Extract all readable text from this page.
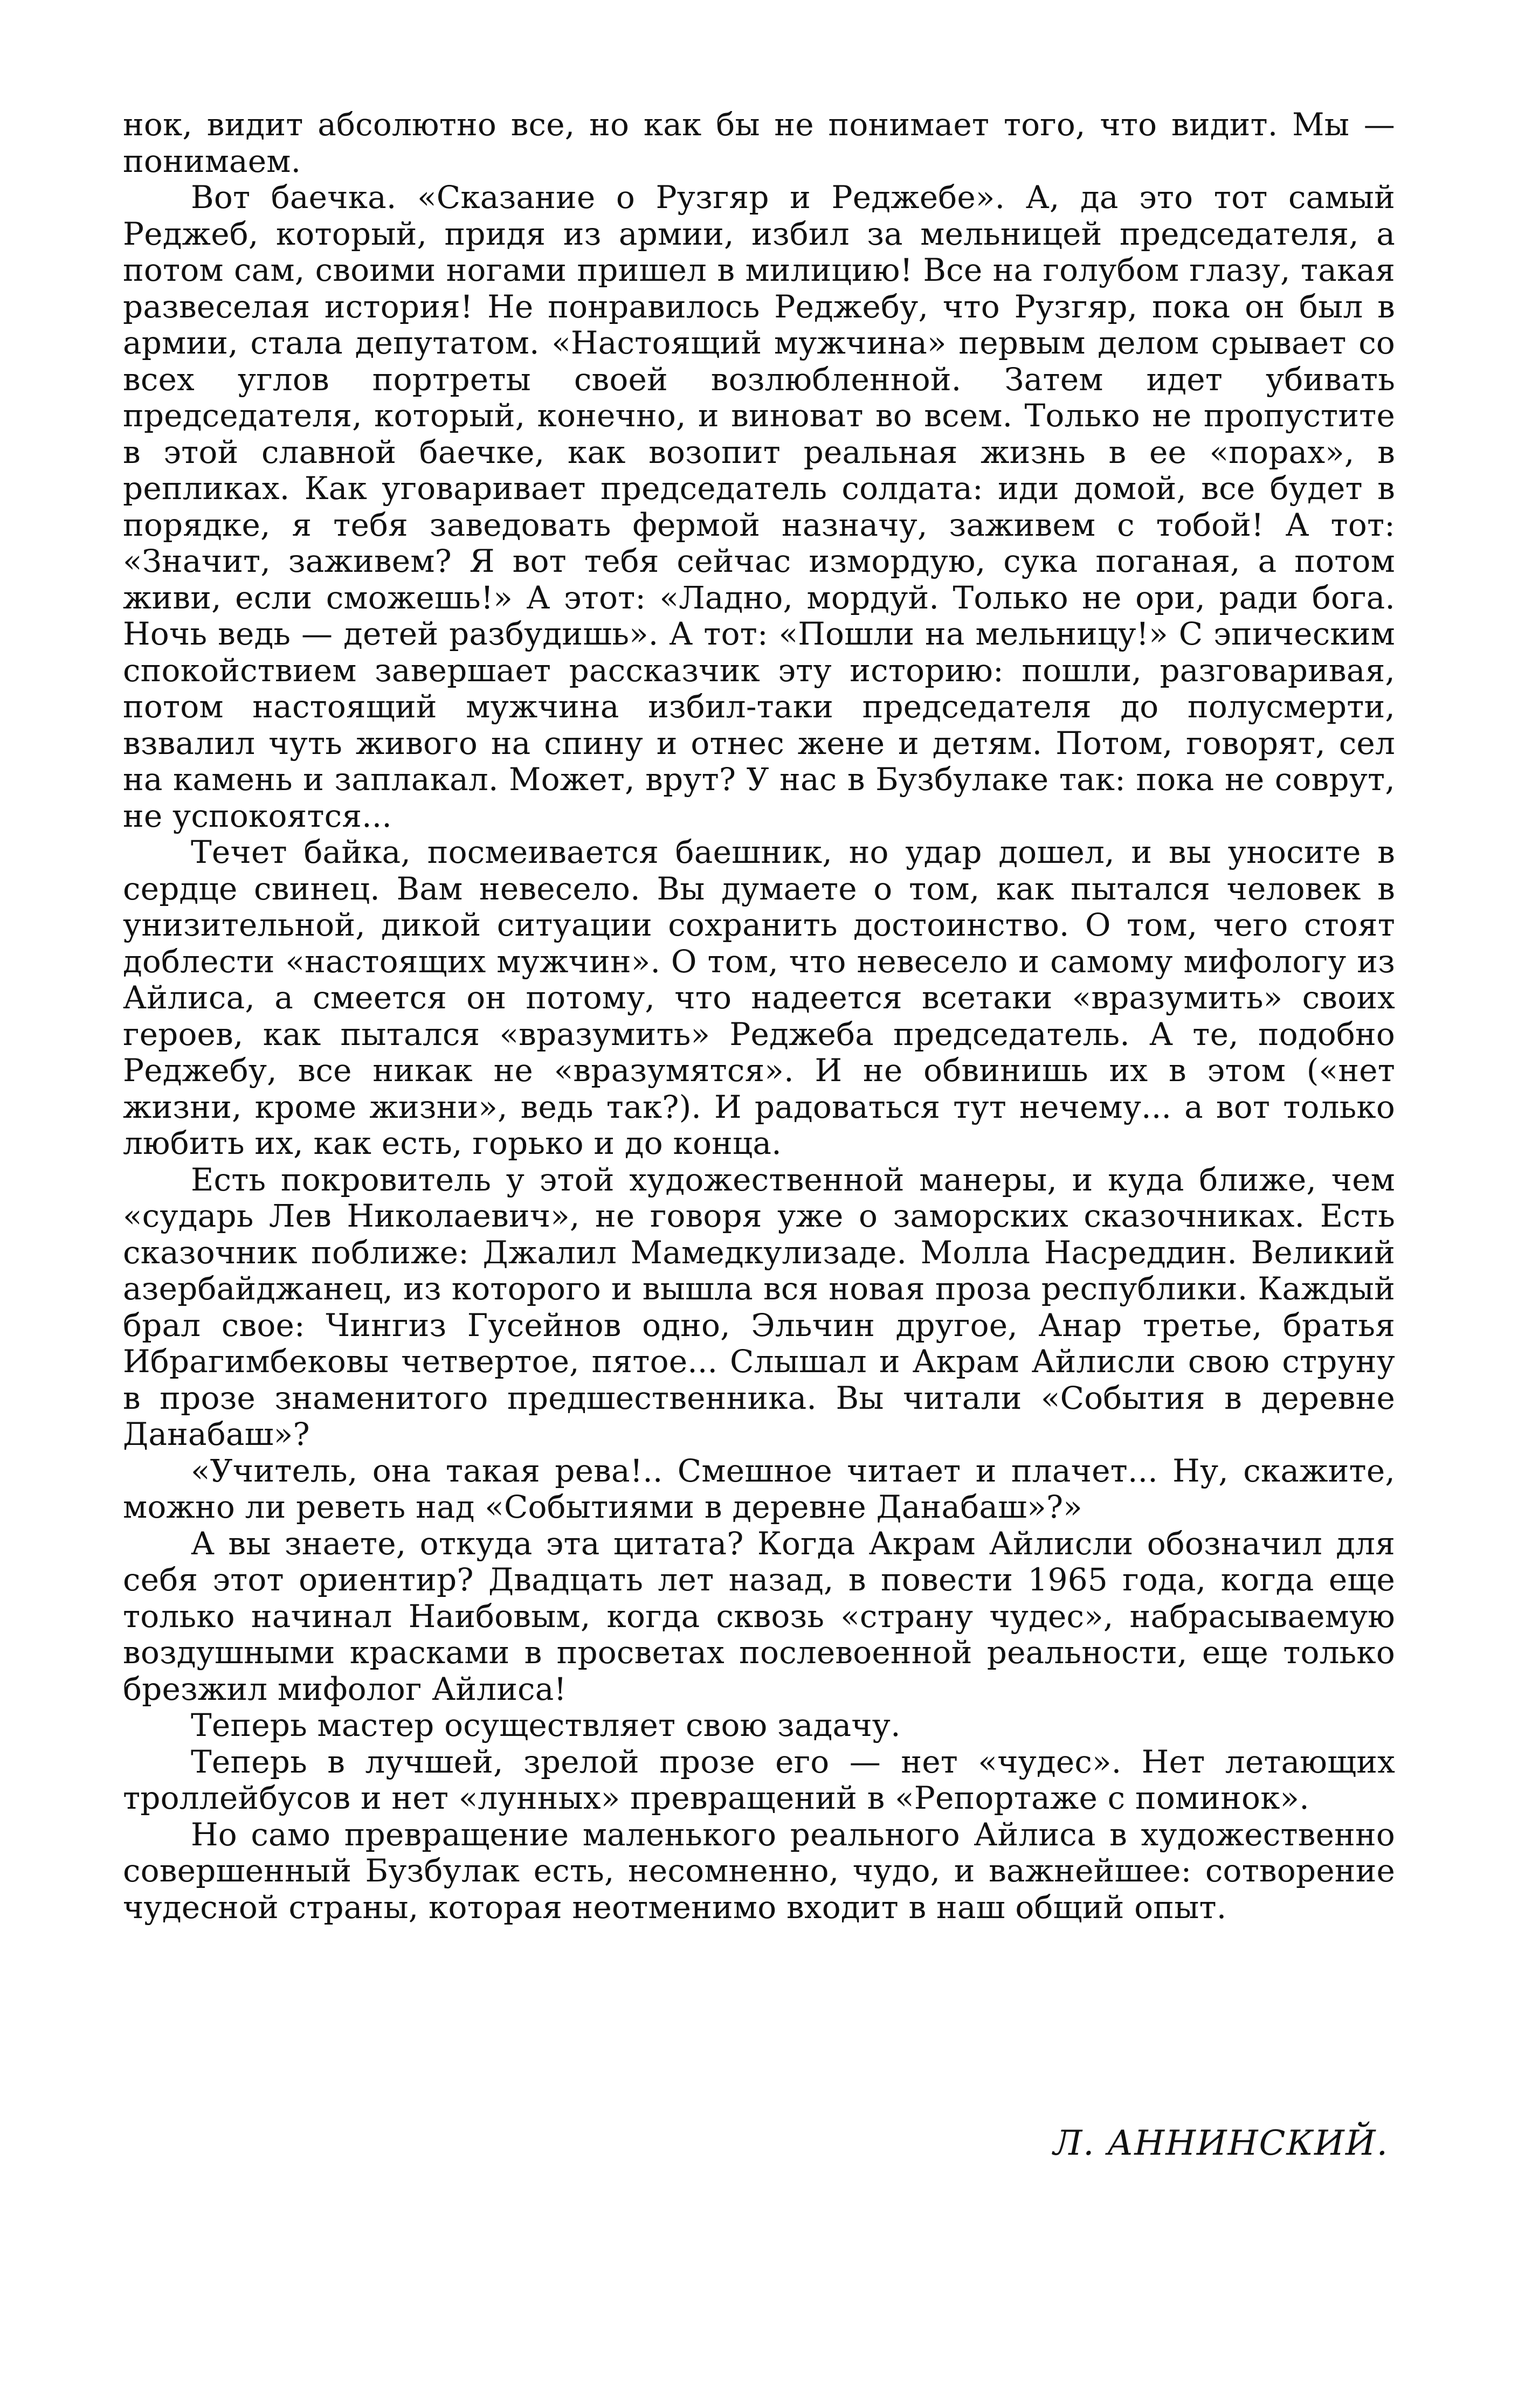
нок, видит абсолютно все, но как бы не понимает того, что видит. Мы — понимаем.

Вот баечка. «Сказание о Рузгяр и Реджебе». А, да это тот самый Реджеб, который, придя из армии, избил за мельницей председателя, а потом сам, своими ногами пришел в милицию! Все на голубом глазу, такая развеселая история! Не понравилось Реджебу, что Рузгяр, пока он был в армии, стала депутатом. «Настоящий мужчина» первым делом срывает со всех углов портреты своей возлюбленной. Затем идет убивать председателя, который, конечно, и виноват во всем. Только не пропустите в этой славной баечке, как возопит реальная жизнь в ее «порах», в репликах. Как уговаривает председатель солдата: иди домой, все будет в порядке, я тебя заведовать фермой назначу, заживем с тобой! А тот: «Значит, заживем? Я вот тебя сейчас измордую, сука поганая, а потом живи, если сможешь!» А этот: «Ладно, мордуй. Только не ори, ради бога. Ночь ведь — детей разбудишь». А тот: «Пошли на мельницу!» С эпическим спокойствием завершает рассказчик эту историю: пошли, разговаривая, потом настоящий мужчина избил-таки председателя до полусмерти, взвалил чуть живого на спину и отнес жене и детям. Потом, говорят, сел на камень и заплакал. Может, врут? У нас в Бузбулаке так: пока не соврут, не успокоятся...

Течет байка, посмеивается баешник, но удар дошел, и вы уносите в сердце свинец. Вам невесело. Вы думаете о том, как пытался человек в унизительной, дикой ситуации сохранить достоинство. О том, чего стоят доблести «настоящих мужчин». О том, что невесело и самому мифологу из Айлиса, а смеется он потому, что надеется всетаки «вразумить» своих героев, как пытался «вразумить» Реджеба председатель. А те, подобно Реджебу, все никак не «вразумятся». И не обвинишь их в этом («нет жизни, кроме жизни», ведь так?). И радоваться тут нечему... а вот только любить их, как есть, горько и до конца.

Есть покровитель у этой художественной манеры, и куда ближе, чем «сударь Лев Николаевич», не говоря уже о заморских сказочниках. Есть сказочник поближе: Джалил Мамедкулизаде. Молла Насреддин. Великий азербайджанец, из которого и вышла вся новая проза республики. Каждый брал свое: Чингиз Гусейнов одно, Эльчин другое, Анар третье, братья Ибрагимбековы четвертое, пятое... Слышал и Акрам Айлисли свою струну в прозе знаменитого предшественника. Вы читали «События в деревне Данабаш»?

«Учитель, она такая рева!.. Смешное читает и плачет... Ну, скажите, можно ли реветь над «Событиями в деревне Данабаш»?»

А вы знаете, откуда эта цитата? Когда Акрам Айлисли обозначил для себя этот ориентир? Двадцать лет назад, в повести 1965 года, когда еще только начинал Наибовым, когда сквозь «страну чудес», набрасываемую воздушными красками в просветах послевоенной реальности, еще только брезжил мифолог Айлиса!

Теперь мастер осуществляет свою задачу.

Теперь в лучшей, зрелой прозе его — нет «чудес». Нет летающих троллейбусов и нет «лунных» превращений в «Репортаже с поминок».

Но само превращение маленького реального Айлиса в художественно совершенный Бузбулак есть, несомненно, чудо, и важнейшее: сотворение чудесной страны, которая неотменимо входит в наш общий опыт.

Л. АННИНСКИЙ.
